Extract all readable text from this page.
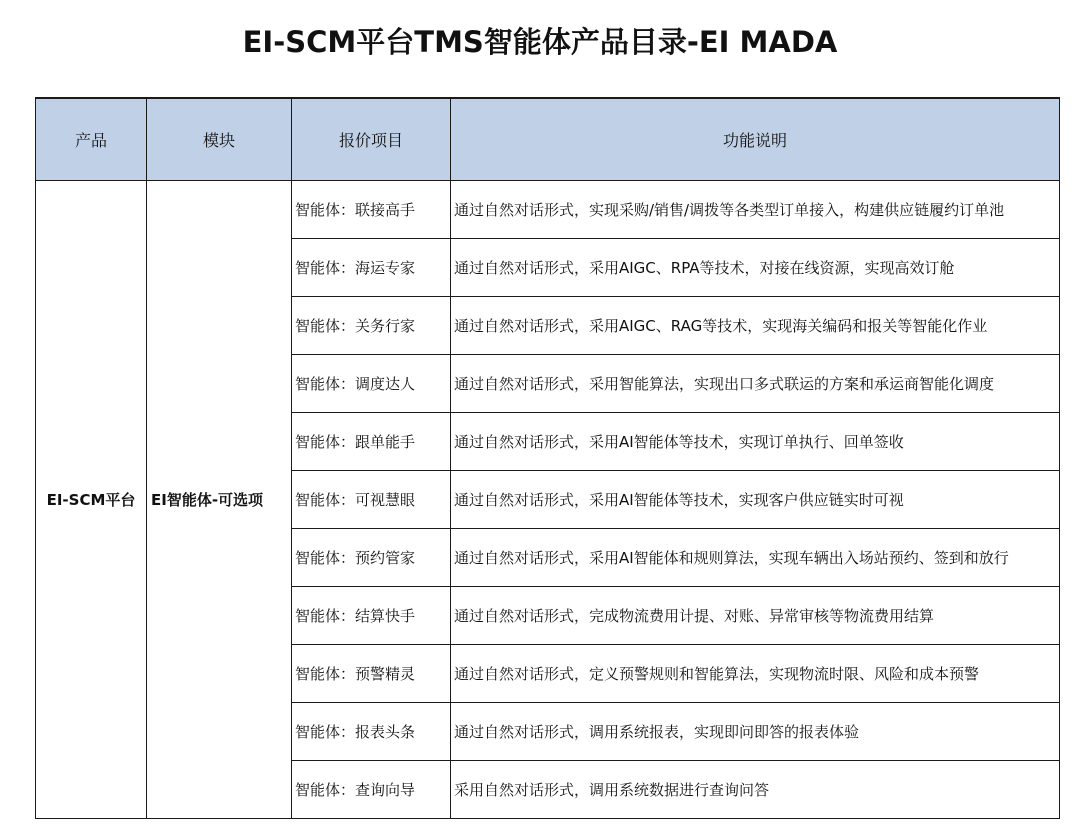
EI-SCM平台TMS智能体产品目录-EI MADA
产品	模块	报价项目	功能说明
EI-SCM平台	EI智能体-可选项	智能体：联接高手	通过自然对话形式，实现采购/销售/调拨等各类型订单接入，构建供应链履约订单池
		智能体：海运专家	通过自然对话形式，采用AIGC、RPA等技术，对接在线资源，实现高效订舱
		智能体：关务行家	通过自然对话形式，采用AIGC、RAG等技术，实现海关编码和报关等智能化作业
		智能体：调度达人	通过自然对话形式，采用智能算法，实现出口多式联运的方案和承运商智能化调度
		智能体：跟单能手	通过自然对话形式，采用AI智能体等技术，实现订单执行、回单签收
		智能体：可视慧眼	通过自然对话形式，采用AI智能体等技术，实现客户供应链实时可视
		智能体：预约管家	通过自然对话形式，采用AI智能体和规则算法，实现车辆出入场站预约、签到和放行
		智能体：结算快手	通过自然对话形式，完成物流费用计提、对账、异常审核等物流费用结算
		智能体：预警精灵	通过自然对话形式，定义预警规则和智能算法，实现物流时限、风险和成本预警
		智能体：报表头条	通过自然对话形式，调用系统报表，实现即问即答的报表体验
		智能体：查询向导	采用自然对话形式，调用系统数据进行查询问答
